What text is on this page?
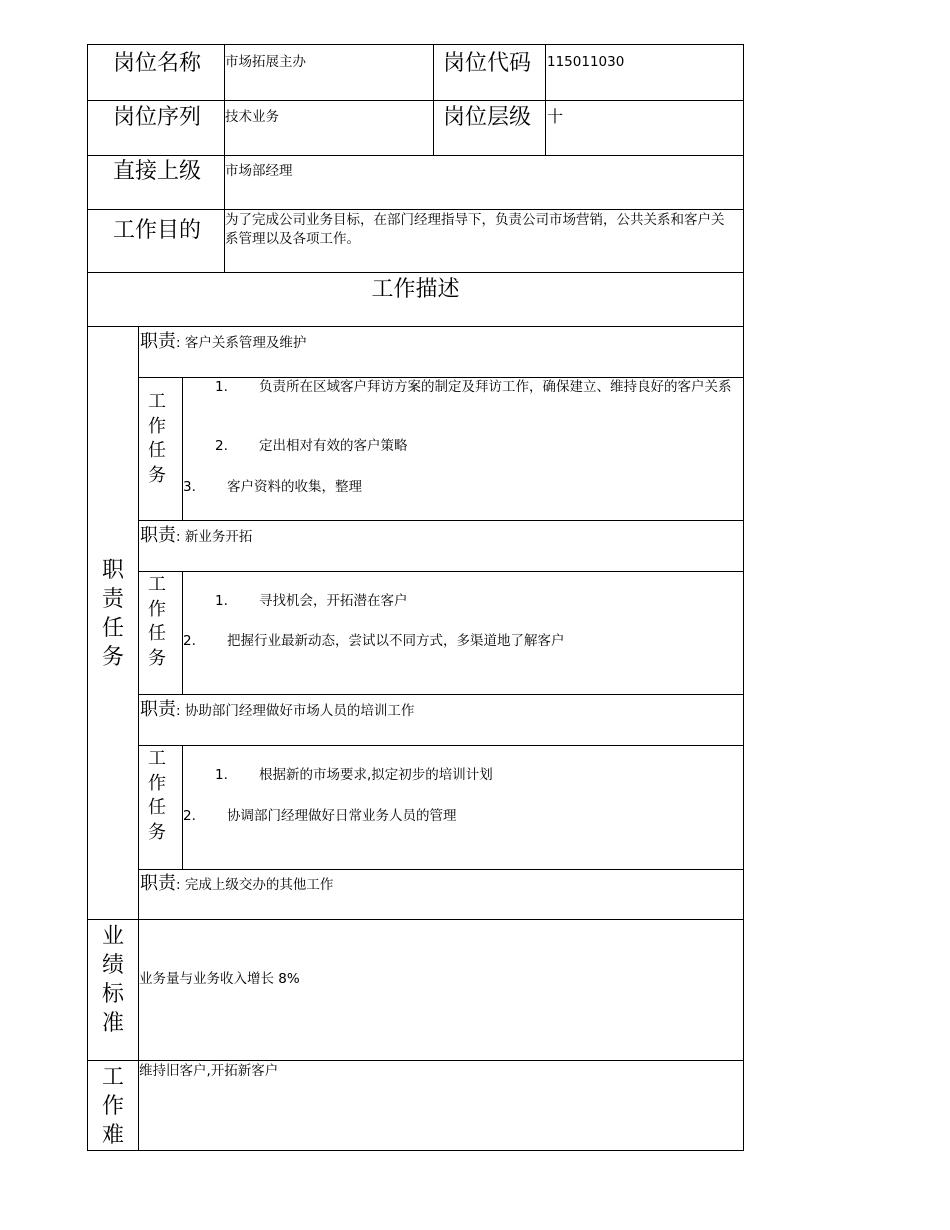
岗位名称 市场拓展主办	岗位代码 115011030
岗位序列 技术业务	岗位层级 十
直接上级 市场部经理
工作目的 为了完成公司业务目标，在部门经理指导下，负责公司市场营销，公共关系和客户关系管理以及各项工作。
工作描述
职
责
任
务
职责: 客户关系管理及维护
工
作
任
务
1. 负责所在区域客户拜访方案的制定及拜访工作，确保建立、维持良好的客户关系
2. 定出相对有效的客户策略
3. 客户资料的收集，整理
职责: 新业务开拓
工
作
任
务
1. 寻找机会，开拓潜在客户
2. 把握行业最新动态，尝试以不同方式，多渠道地了解客户
职责: 协助部门经理做好市场人员的培训工作
工
作
任
务
1. 根据新的市场要求,拟定初步的培训计划
2. 协调部门经理做好日常业务人员的管理
职责: 完成上级交办的其他工作
业
绩
标
准
业务量与业务收入增长 8%
工
作
难
维持旧客户,开拓新客户
